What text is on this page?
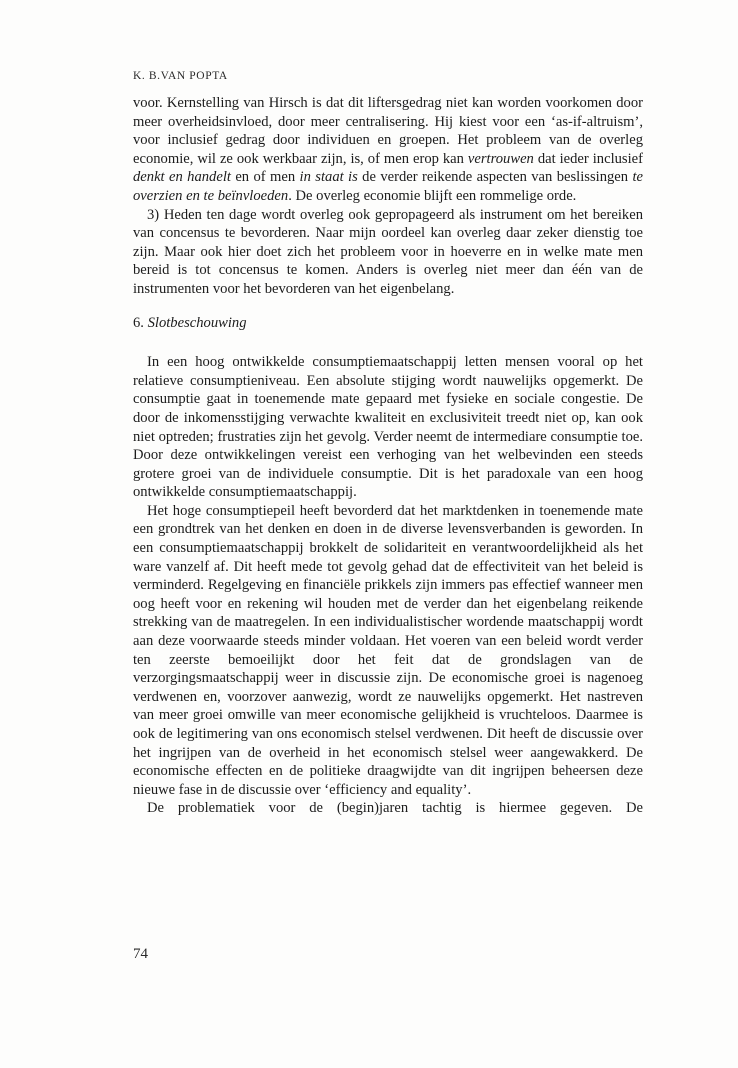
K. B.VAN POPTA

voor. Kernstelling van Hirsch is dat dit liftersgedrag niet kan worden voorkomen door meer overheidsinvloed, door meer centralisering. Hij kiest voor een ‘as-if-altruism’, voor inclusief gedrag door individuen en groepen. Het probleem van de overleg economie, wil ze ook werkbaar zijn, is, of men erop kan vertrouwen dat ieder inclusief denkt en handelt en of men in staat is de verder reikende aspecten van beslissingen te overzien en te beïnvloeden. De overleg economie blijft een rommelige orde.

3) Heden ten dage wordt overleg ook gepropageerd als instrument om het bereiken van concensus te bevorderen. Naar mijn oordeel kan overleg daar zeker dienstig toe zijn. Maar ook hier doet zich het probleem voor in hoeverre en in welke mate men bereid is tot concensus te komen. Anders is overleg niet meer dan één van de instrumenten voor het bevorderen van het eigenbelang.

6. Slotbeschouwing

In een hoog ontwikkelde consumptiemaatschappij letten mensen vooral op het relatieve consumptieniveau. Een absolute stijging wordt nauwelijks opgemerkt. De consumptie gaat in toenemende mate gepaard met fysieke en sociale congestie. De door de inkomensstijging verwachte kwaliteit en exclusiviteit treedt niet op, kan ook niet optreden; frustraties zijn het gevolg. Verder neemt de intermediare consumptie toe. Door deze ontwikkelingen vereist een verhoging van het welbevinden een steeds grotere groei van de individuele consumptie. Dit is het paradoxale van een hoog ontwikkelde consumptiemaatschappij.

Het hoge consumptiepeil heeft bevorderd dat het marktdenken in toenemende mate een grondtrek van het denken en doen in de diverse levensverbanden is geworden. In een consumptiemaatschappij brokkelt de solidariteit en verantwoordelijkheid als het ware vanzelf af. Dit heeft mede tot gevolg gehad dat de effectiviteit van het beleid is verminderd. Regelgeving en financiële prikkels zijn immers pas effectief wanneer men oog heeft voor en rekening wil houden met de verder dan het eigenbelang reikende strekking van de maatregelen. In een individualistischer wordende maatschappij wordt aan deze voorwaarde steeds minder voldaan. Het voeren van een beleid wordt verder ten zeerste bemoeilijkt door het feit dat de grondslagen van de verzorgingsmaatschappij weer in discussie zijn. De economische groei is nagenoeg verdwenen en, voorzover aanwezig, wordt ze nauwelijks opgemerkt. Het nastreven van meer groei omwille van meer economische gelijkheid is vruchteloos. Daarmee is ook de legitimering van ons economisch stelsel verdwenen. Dit heeft de discussie over het ingrijpen van de overheid in het economisch stelsel weer aangewakkerd. De economische effecten en de politieke draagwijdte van dit ingrijpen beheersen deze nieuwe fase in de discussie over ‘efficiency and equality’.

De problematiek voor de (begin)jaren tachtig is hiermee gegeven. De

74
